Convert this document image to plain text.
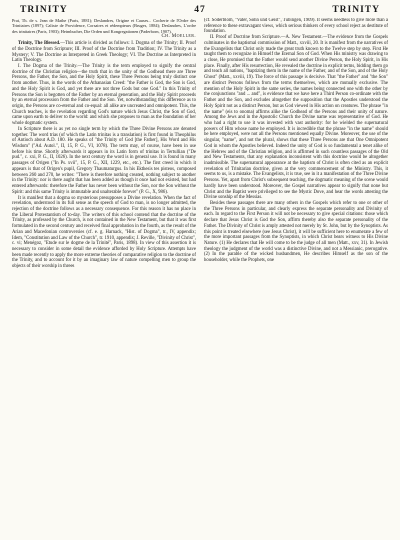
TRINITY	47	TRINITY

Prat, Th. de s. Jean de Mathe (Paris, 1881); Deslandres, Origine et Causes... Cocherie de l'Ordre des Trinitaires (1897); Calixte de Providence, Corsaires et rédempteurs (Bruges, 1884); Deslandres, L'ordre des trinitaires (Paris, 1903); Heimbucher, Die Orden und Kongregationen (Paderborn, 1907).

Ch. Moeller.

Trinity, The Blessed.—This article is divided as follows: I. Dogma of the Trinity; II. Proof of the Doctrine from Scripture; III. Proof of the Doctrine from Tradition; IV. The Trinity as a Mystery; V. The Doctrine as Interpreted in Greek Theology; VI. The Doctrine as Interpreted in Latin Theology.

I. The Dogma of the Trinity.—The Trinity is the term employed to signify the central doctrine of the Christian religion—the truth that in the unity of the Godhead there are Three Persons, the Father, the Son, and the Holy Spirit, these Three Persons being truly distinct one from another. Thus, in the words of the Athanasian Creed: "the Father is God, the Son is God, and the Holy Spirit is God, and yet there are not three Gods but one God." In this Trinity of Persons the Son is begotten of the Father by an eternal generation, and the Holy Spirit proceeds by an eternal procession from the Father and the Son. Yet, notwithstanding this difference as to origin, the Persons are co-eternal and co-equal: all alike are uncreated and omnipotent. This, the Church teaches, is the revelation regarding God's nature which Jesus Christ, the Son of God, came upon earth to deliver to the world: and which she proposes to man as the foundation of her whole dogmatic system.

In Scripture there is as yet no single term by which the Three Divine Persons are denoted together. The word trias (of which the Latin trinitas is a translation) is first found in Theophilus of Antioch about A.D. 180. He speaks of "the Trinity of God [the Father], His Word and His Wisdom" ("Ad. Autol.", II, 15, P. G., VI, 1078). The term may, of course, have been in use before his time. Shortly afterwards it appears in its Latin form of trinitas in Tertullian ("De pud.", c. xxi, P. G., II, 1026). In the next century the word is in general use. It is found in many passages of Origen ("In Ps. xvii", 15, P. G., XII, 1229, etc., etc.). The first creed in which it appears is that of Origen's pupil, Gregory Thaumaturgus. In his Ekthesis tes pisteos, composed between 260 and 270, he writes: "There is therefore nothing created, nothing subject to another in the Trinity: nor is there aught that has been added as though it once had not existed, but had entered afterwards: therefore the Father has never been without the Son, nor the Son without the Spirit: and this same Trinity is immutable and unalterable forever" (P. G., X, 986).

It is manifest that a dogma so mysterious presupposes a Divine revelation. When the fact of revelation, understood in its full sense as the speech of God to man, is no longer admitted, the rejection of the doctrine follows as a necessary consequence. For this reason it has no place in the Liberal Protestantism of to-day. The writers of this school contend that the doctrine of the Trinity, as professed by the Church, is not contained in the New Testament, but that it was first formulated in the second century and received final approbation in the fourth, as the result of the Arian and Macedonian controversies (cf. e. g. Harnack, "Hist. of Dogma", tr., IV, appendix; Idem, "Constitution and Law of the Church", tr. 1910, appendix; J. Reville, "Divinity of Christ", c. vi; Menégoz, "Etude sur le dogme de la Trinité", Paris, 1898). In view of this assertion it is necessary to consider in some detail the evidence afforded by Holy Scripture. Attempts have been made recently to apply the more extreme theories of comparative religion to the doctrine of the Trinity, and to account for it by an imaginary law of nature compelling men to group the objects of their worship in threes

(cf. Söderblom, "Vater, Sohn und Geist", Tübingen, 1909). It seems needless to give more than a reference to these extravagant views, which serious thinkers of every school reject as destitute of foundation.

II. Proof of Doctrine from Scripture.—A. New Testament.—The evidence from the Gospels culminates in the baptismal commission of Matt., xxviii, 20. It is manifest from the narratives of the Evangelists that Christ only made the great truth known to the Twelve step by step. First He taught them to recognize in Himself the Eternal Son of God. When His ministry was drawing to a close, He promised that the Father would send another Divine Person, the Holy Spirit, in His place. Finally, after His resurrection, He revealed the doctrine in explicit terms, bidding them go and teach all nations, "baptizing them in the name of the Father, and of the Son, and of the Holy Ghost" (Matt., xxviii, 19). The force of this passage is decisive. That "the Father" and "the Son" are distinct Persons follows from the terms themselves, which are mutually exclusive. The mention of the Holy Spirit in the same series, the names being connected one with the other by the conjunctions "and ... and", is evidence that we have here a Third Person co-ordinate with the Father and the Son, and excludes altogether the supposition that the Apostles understood the Holy Spirit not as a distinct Person, but as God viewed in His action on creatures. The phrase "in the name" (eis to onoma) affirms alike the Godhead of the Persons and their unity of nature. Among the Jews and in the Apostolic Church the Divine name was representative of God. He who had a right to use it was invested with vast authority: for he wielded the supernatural powers of Him whose name he employed. It is incredible that the phrase "in the name" should be here employed, were not all the Persons mentioned equally Divine. Moreover, the use of the singular, "name", and not the plural, shows that these Three Persons are that One Omnipotent God in whom the Apostles believed. Indeed the unity of God is so fundamental a tenet alike of the Hebrew and of the Christian religion, and is affirmed in such countless passages of the Old and New Testaments, that any explanation inconsistent with this doctrine would be altogether inadmissible. The supernatural appearance at the baptism of Christ is often cited as an explicit revelation of Trinitarian doctrine, given at the very commencement of the Ministry. This, it seems to us, is a mistake. The Evangelists, it is true, see in it a manifestation of the Three Divine Persons. Yet, apart from Christ's subsequent teaching, the dogmatic meaning of the scene would hardly have been understood. Moreover, the Gospel narratives appear to signify that none but Christ and the Baptist were privileged to see the Mystic Dove, and hear the words attesting the Divine sonship of the Messias.

Besides these passages there are many others in the Gospels which refer to one or other of the Three Persons in particular, and clearly express the separate personality and Divinity of each. In regard to the First Person it will not be necessary to give special citations: those which declare that Jesus Christ is God the Son, affirm thereby also the separate personality of the Father. The Divinity of Christ is amply attested not merely by St. John, but by the Synoptists. As this point is treated elsewhere (see Jesus Christ), it will be sufficient here to enumerate a few of the more important passages from the Synoptists, in which Christ bears witness to His Divine Nature. (1) He declares that He will come to be the judge of all men (Matt., xxv, 31). In Jewish theology the judgment of the world was a distinctive Divine, and not a Messianic, prerogative. (2) In the parable of the wicked husbandmen, He describes Himself as the son of the householder, while the Prophets, one
